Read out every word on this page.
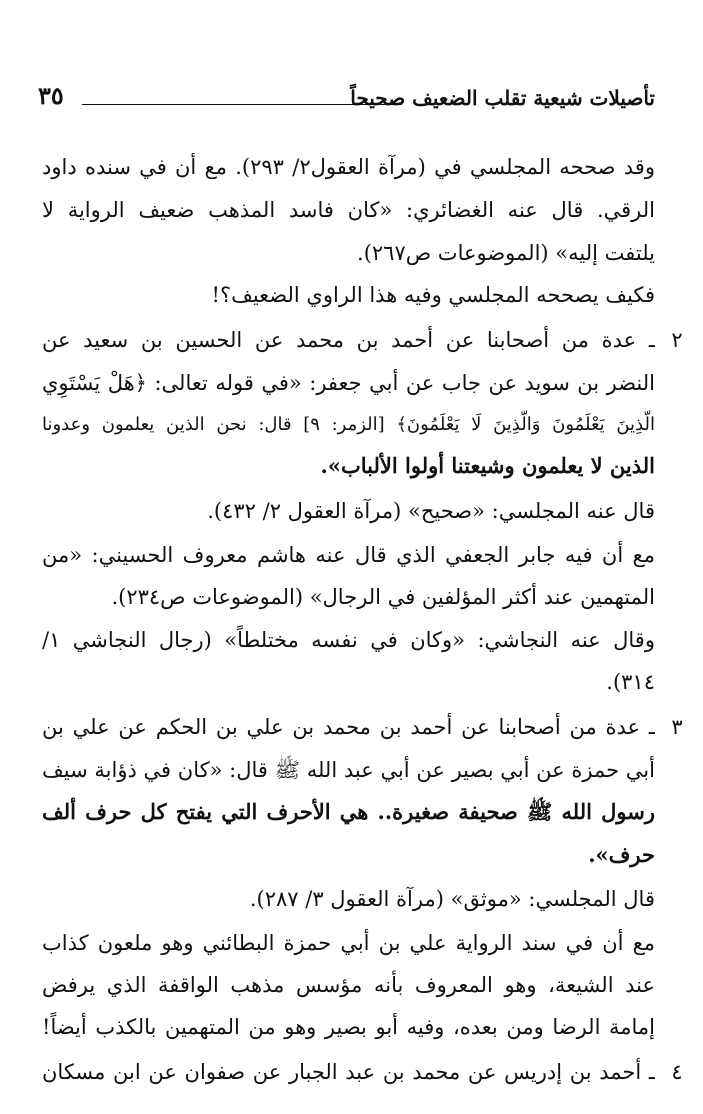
تأصيلات شيعية تقلب الضعيف صحيحاً
٣٥
وقد صححه المجلسي في (مرآة العقول٢/ ٢٩٣). مع أن في سنده داود
الرقي. قال عنه الغضائري: «كان فاسد المذهب ضعيف الرواية لا
يلتفت إليه» (الموضوعات ص٢٦٧).
فكيف يصححه المجلسي وفيه هذا الراوي الضعيف؟!
٢
ـ عدة من أصحابنا عن أحمد بن محمد عن الحسين بن سعيد عن
النضر بن سويد عن جاب عن أبي جعفر: «في قوله تعالى: ﴿هَلْ يَسْتَوِي
الَّذِينَ يَعْلَمُونَ وَالَّذِينَ لَا يَعْلَمُونَ﴾ [الزمر: ٩] قال: نحن الذين يعلمون وعدونا
الذين لا يعلمون وشيعتنا أولوا الألباب».
قال عنه المجلسي: «صحيح» (مرآة العقول ٢/ ٤٣٢).
مع أن فيه جابر الجعفي الذي قال عنه هاشم معروف الحسيني: «من
المتهمين عند أكثر المؤلفين في الرجال» (الموضوعات ص٢٣٤).
وقال عنه النجاشي: «وكان في نفسه مختلطاً» (رجال النجاشي ١/
٣١٤).
٣
ـ عدة من أصحابنا عن أحمد بن محمد بن علي بن الحكم عن علي بن
أبي حمزة عن أبي بصير عن أبي عبد الله ﷺ قال: «كان في ذؤابة سيف
رسول الله ﷺ صحيفة صغيرة.. هي الأحرف التي يفتح كل حرف ألف
حرف».
قال المجلسي: «موثق» (مرآة العقول ٣/ ٢٨٧).
مع أن في سند الرواية علي بن أبي حمزة البطائني وهو ملعون كذاب
عند الشيعة، وهو المعروف بأنه مؤسس مذهب الواقفة الذي يرفض
إمامة الرضا ومن بعده، وفيه أبو بصير وهو من المتهمين بالكذب أيضاً!
٤
ـ أحمد بن إدريس عن محمد بن عبد الجبار عن صفوان عن ابن مسكان
